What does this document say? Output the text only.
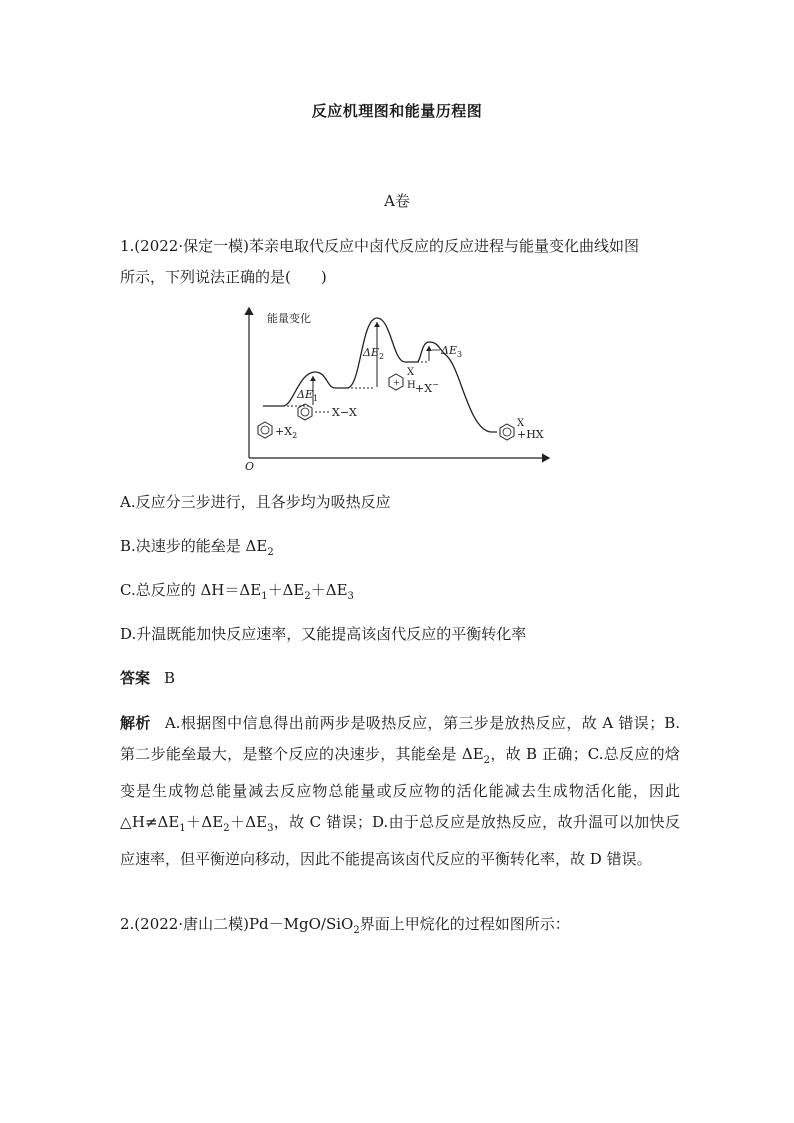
反应机理图和能量历程图
A卷
1.(2022·保定一模)苯亲电取代反应中卤代反应的反应进程与能量变化曲线如图
所示，下列说法正确的是(　　)
能量变化
O
$\Delta E_1$
$\Delta E_2$	$\Delta E_3$
$+X_2$
X−X
+
X
H +X−
X
+HX
A.反应分三步进行，且各步均为吸热反应
B.决速步的能垒是 $\Delta E_2$
C.总反应的 $\Delta H=\Delta E_1+\Delta E_2+\Delta E_3$
D.升温既能加快反应速率，又能提高该卤代反应的平衡转化率
答案 B
解析 A.根据图中信息得出前两步是吸热反应，第三步是放热反应，故 A 错误；B.第二步能垒最大，是整个反应的决速步，其能垒是 $\Delta E_2$，故 B 正确；C.总反应的焓变是生成物总能量减去反应物总能量或反应物的活化能减去生成物活化能，因此$\triangle H\ne\Delta E_1+\Delta E_2+\Delta E_3$，故 C 错误；D.由于总反应是放热反应，故升温可以加快反应速率，但平衡逆向移动，因此不能提高该卤代反应的平衡转化率，故 D 错误。
2.(2022·唐山二模)Pd－MgO/SiO$_2$界面上甲烷化的过程如图所示：
